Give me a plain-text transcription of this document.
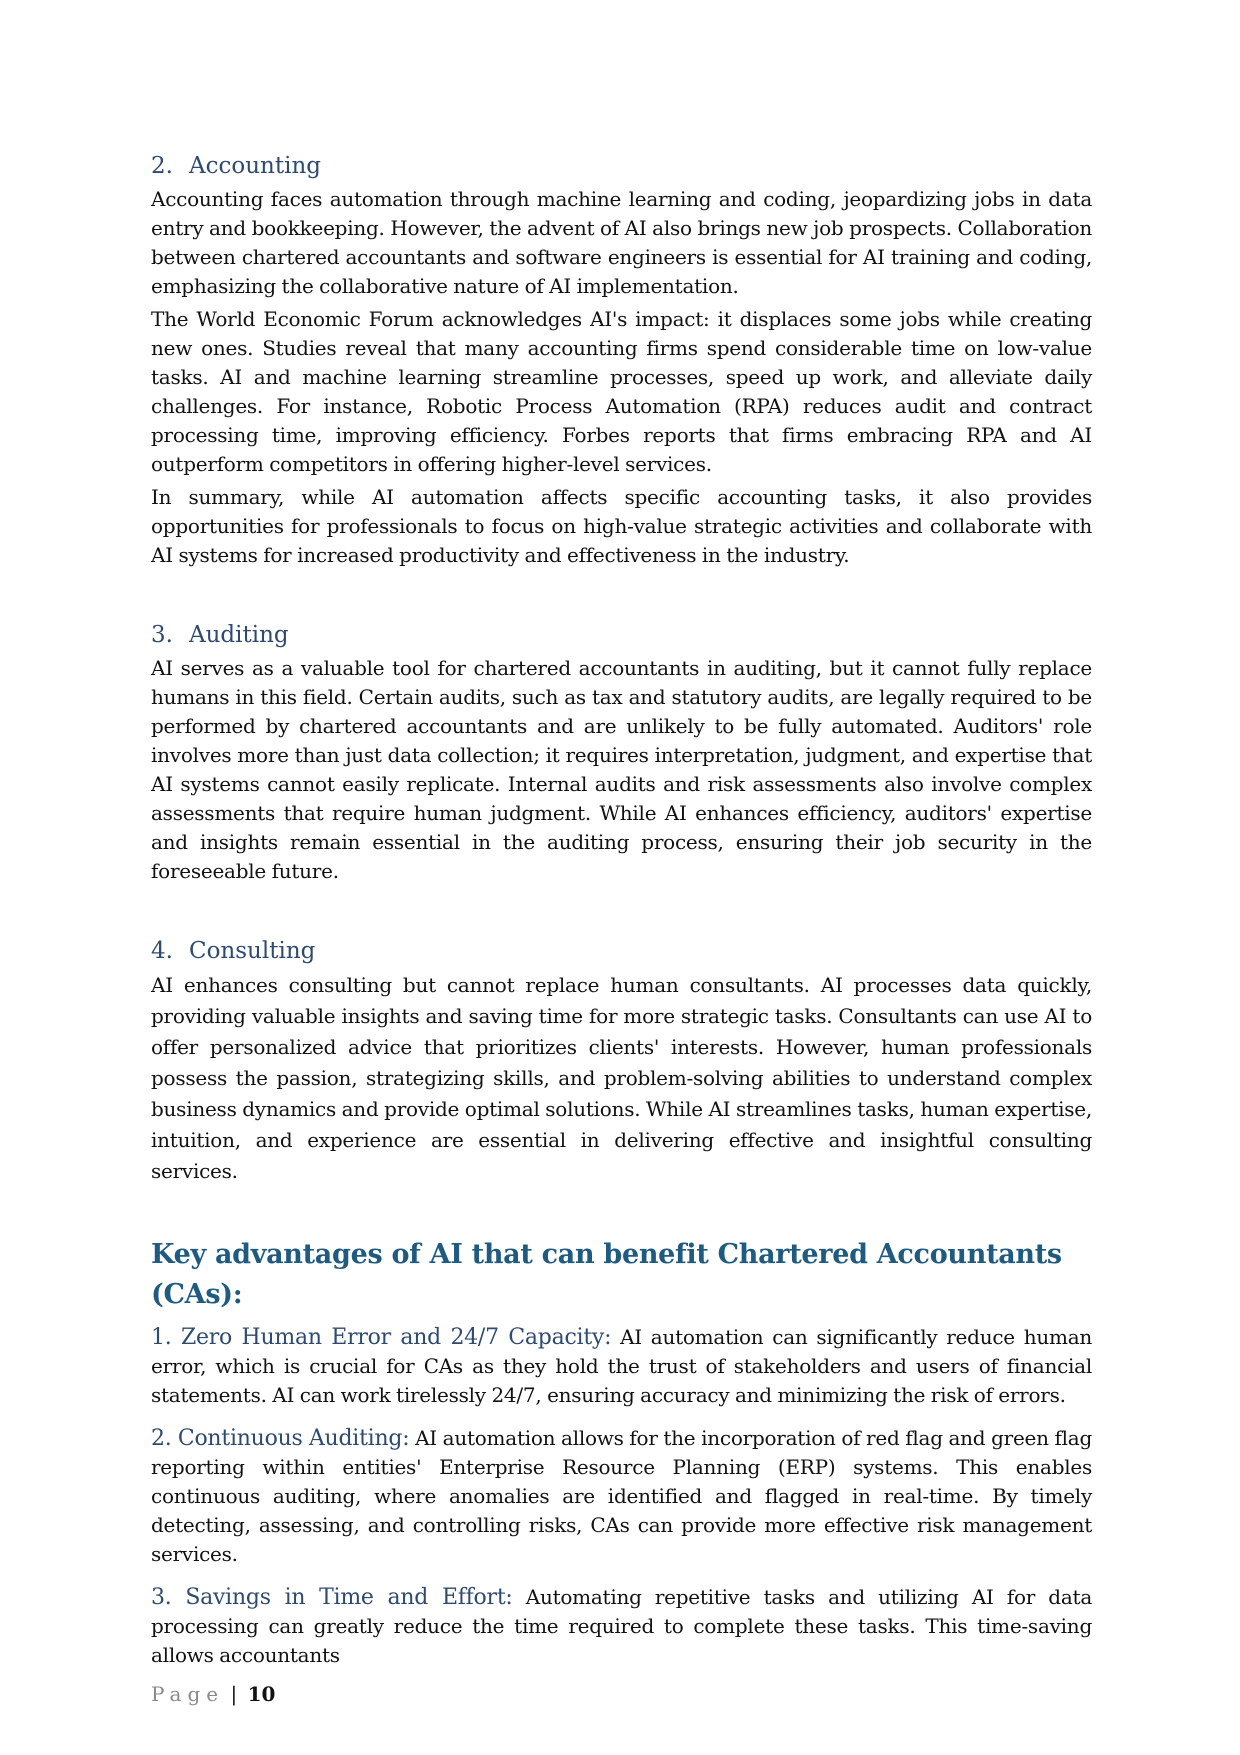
2. Accounting

Accounting faces automation through machine learning and coding, jeopardizing jobs in data entry and bookkeeping. However, the advent of AI also brings new job prospects. Collaboration between chartered accountants and software engineers is essential for AI training and coding, emphasizing the collaborative nature of AI implementation.

The World Economic Forum acknowledges AI's impact: it displaces some jobs while creating new ones. Studies reveal that many accounting firms spend considerable time on low-value tasks. AI and machine learning streamline processes, speed up work, and alleviate daily challenges. For instance, Robotic Process Automation (RPA) reduces audit and contract processing time, improving efficiency. Forbes reports that firms embracing RPA and AI outperform competitors in offering higher-level services.

In summary, while AI automation affects specific accounting tasks, it also provides opportunities for professionals to focus on high-value strategic activities and collaborate with AI systems for increased productivity and effectiveness in the industry.

3. Auditing

AI serves as a valuable tool for chartered accountants in auditing, but it cannot fully replace humans in this field. Certain audits, such as tax and statutory audits, are legally required to be performed by chartered accountants and are unlikely to be fully automated. Auditors' role involves more than just data collection; it requires interpretation, judgment, and expertise that AI systems cannot easily replicate. Internal audits and risk assessments also involve complex assessments that require human judgment. While AI enhances efficiency, auditors' expertise and insights remain essential in the auditing process, ensuring their job security in the foreseeable future.

4. Consulting

AI enhances consulting but cannot replace human consultants. AI processes data quickly, providing valuable insights and saving time for more strategic tasks. Consultants can use AI to offer personalized advice that prioritizes clients' interests. However, human professionals possess the passion, strategizing skills, and problem-solving abilities to understand complex business dynamics and provide optimal solutions. While AI streamlines tasks, human expertise, intuition, and experience are essential in delivering effective and insightful consulting services.

Key advantages of AI that can benefit Chartered Accountants (CAs):

1. Zero Human Error and 24/7 Capacity: AI automation can significantly reduce human error, which is crucial for CAs as they hold the trust of stakeholders and users of financial statements. AI can work tirelessly 24/7, ensuring accuracy and minimizing the risk of errors.

2. Continuous Auditing: AI automation allows for the incorporation of red flag and green flag reporting within entities' Enterprise Resource Planning (ERP) systems. This enables continuous auditing, where anomalies are identified and flagged in real-time. By timely detecting, assessing, and controlling risks, CAs can provide more effective risk management services.

3. Savings in Time and Effort: Automating repetitive tasks and utilizing AI for data processing can greatly reduce the time required to complete these tasks. This time-saving allows accountants

Page | 10
